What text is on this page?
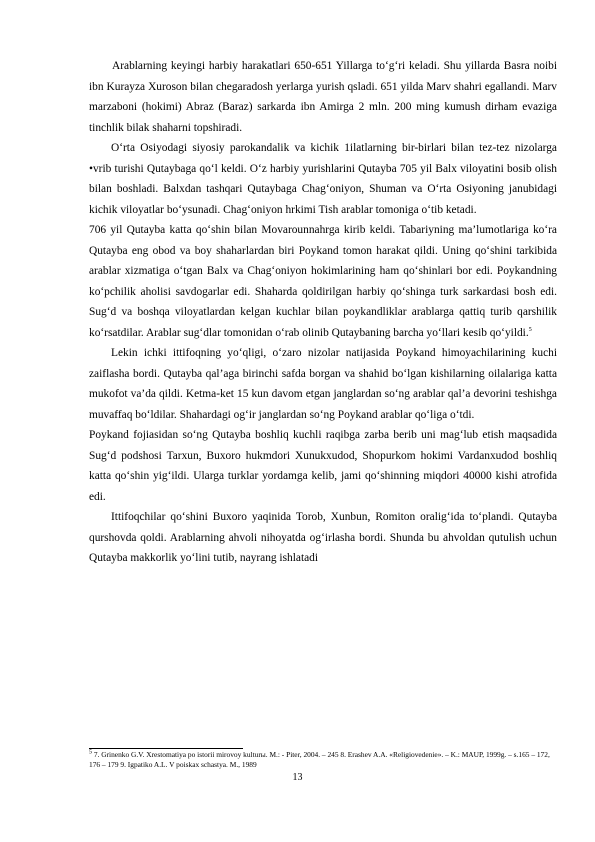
Arablarning keyingi harbiy harakatlari 650-651 Yillarga to‘g‘ri keladi. Shu yillarda Basra noibi ibn Kurayza Xuroson bilan chegaradosh yerlarga yurish qsladi. 651 yilda Marv shahri egallandi. Marv marzaboni (hokimi) Abraz (Baraz) sarkarda ibn Amirga 2 mln. 200 ming kumush dirham evaziga tinchlik bilak shaharni topshiradi.

O‘rta Osiyodagi siyosiy parokandalik va kichik 1ilatlarning bir-birlari bilan tez-tez nizolarga •vrib turishi Qutaybaga qo‘l keldi. O‘z harbiy yurishlarini Qutayba 705 yil Balx viloyatini bosib olish bilan boshladi. Balxdan tashqari Qutaybaga Chag‘oniyon, Shuman va O‘rta Osiyoning janubidagi kichik viloyatlar bo‘ysunadi. Chag‘oniyon hrkimi Tish arablar tomoniga o‘tib ketadi.

706 yil Qutayba katta qo‘shin bilan Movarounnahrga kirib keldi. Tabariyning ma’lumotlariga ko‘ra Qutayba eng obod va boy shaharlardan biri Poykand tomon harakat qildi. Uning qo‘shini tarkibida arablar xizmatiga o‘tgan Balx va Chag‘oniyon hokimlarining ham qo‘shinlari bor edi. Poykandning ko‘pchilik aholisi savdogarlar edi. Shaharda qoldirilgan harbiy qo‘shinga turk sarkardasi bosh edi. Sug‘d va boshqa viloyatlardan kelgan kuchlar bilan poykandliklar arablarga qattiq turib qarshilik ko‘rsatdilar. Arablar sug‘dlar tomonidan o‘rab olinib Qutaybaning barcha yo‘llari kesib qo‘yildi.$^5$

Lekin ichki ittifoqning yo‘qligi, o‘zaro nizolar natijasida Poykand himoyachilarining kuchi zaiflasha bordi. Qutayba qal’aga birinchi safda borgan va shahid bo‘lgan kishilarning oilalariga katta mukofot va’da qildi. Ketma-ket 15 kun davom etgan janglardan so‘ng arablar qal’a devorini teshishga muvaffaq bo‘ldilar. Shahardagi og‘ir janglardan so‘ng Poykand arablar qo‘liga o‘tdi.

Poykand fojiasidan so‘ng Qutayba boshliq kuchli raqibga zarba berib uni mag‘lub etish maqsadida Sug‘d podshosi Tarxun, Buxoro hukmdori Xunukxudod, Shopurkom hokimi Vardanxudod boshliq katta qo‘shin yig‘ildi. Ularga turklar yordamga kelib, jami qo‘shinning miqdori 40000 kishi atrofida edi.

Ittifoqchilar qo‘shini Buxoro yaqinida Torob, Xunbun, Romiton oralig‘ida to‘plandi. Qutayba qurshovda qoldi. Arablarning ahvoli nihoyatda og‘irlasha bordi. Shunda bu ahvoldan qutulish uchun Qutayba makkorlik yo‘lini tutib, nayrang ishlatadi

$^5$ 7. Grinenko G.V. Xrestomatiya po istorii mirovoy kulturы. M.: - Piter, 2004. – 245 8. Erashev A.A. «Religiovedenie». – K.: MAUP, 1999g. – s.165 – 172, 176 – 179 9. Igpatiko A.L. V poiskax schastya. M., 1989
13
